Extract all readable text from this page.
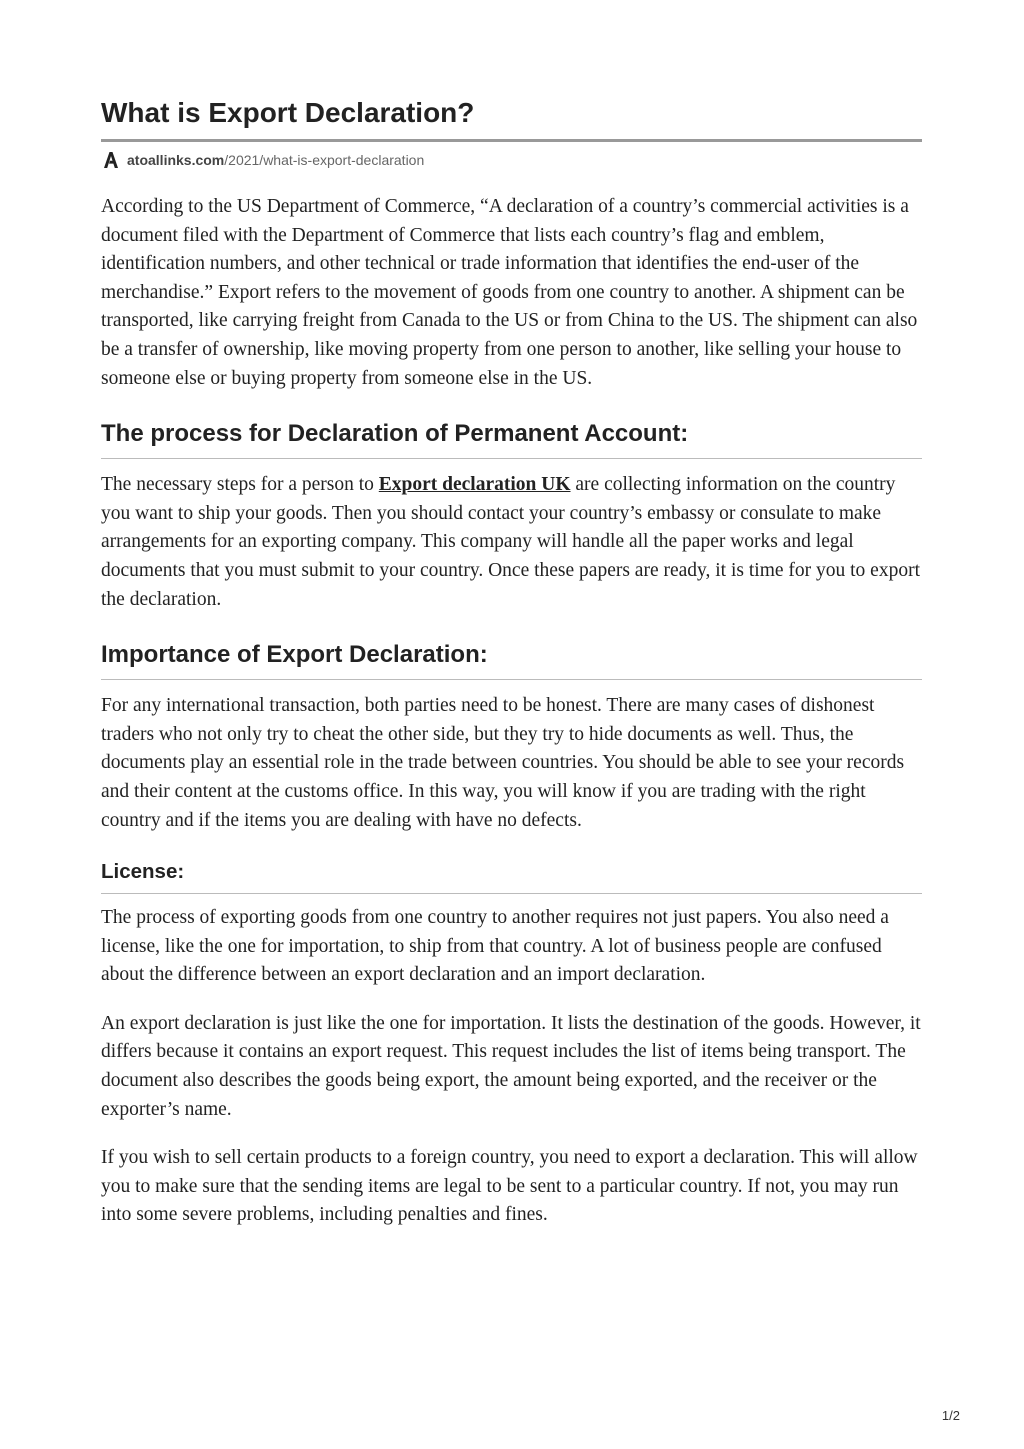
What is Export Declaration?
atoallinks.com /2021/what-is-export-declaration

According to the US Department of Commerce, “A declaration of a country’s commercial activities is a document filed with the Department of Commerce that lists each country’s flag and emblem, identification numbers, and other technical or trade information that identifies the end-user of the merchandise.” Export refers to the movement of goods from one country to another. A shipment can be transported, like carrying freight from Canada to the US or from China to the US. The shipment can also be a transfer of ownership, like moving property from one person to another, like selling your house to someone else or buying property from someone else in the US.

The process for Declaration of Permanent Account:

The necessary steps for a person to Export declaration UK are collecting information on the country you want to ship your goods. Then you should contact your country’s embassy or consulate to make arrangements for an exporting company. This company will handle all the paper works and legal documents that you must submit to your country. Once these papers are ready, it is time for you to export the declaration.

Importance of Export Declaration:

For any international transaction, both parties need to be honest. There are many cases of dishonest traders who not only try to cheat the other side, but they try to hide documents as well. Thus, the documents play an essential role in the trade between countries. You should be able to see your records and their content at the customs office. In this way, you will know if you are trading with the right country and if the items you are dealing with have no defects.

License:

The process of exporting goods from one country to another requires not just papers. You also need a license, like the one for importation, to ship from that country. A lot of business people are confused about the difference between an export declaration and an import declaration.

An export declaration is just like the one for importation. It lists the destination of the goods. However, it differs because it contains an export request. This request includes the list of items being transport. The document also describes the goods being export, the amount being exported, and the receiver or the exporter’s name.

If you wish to sell certain products to a foreign country, you need to export a declaration. This will allow you to make sure that the sending items are legal to be sent to a particular country. If not, you may run into some severe problems, including penalties and fines.

1/2
